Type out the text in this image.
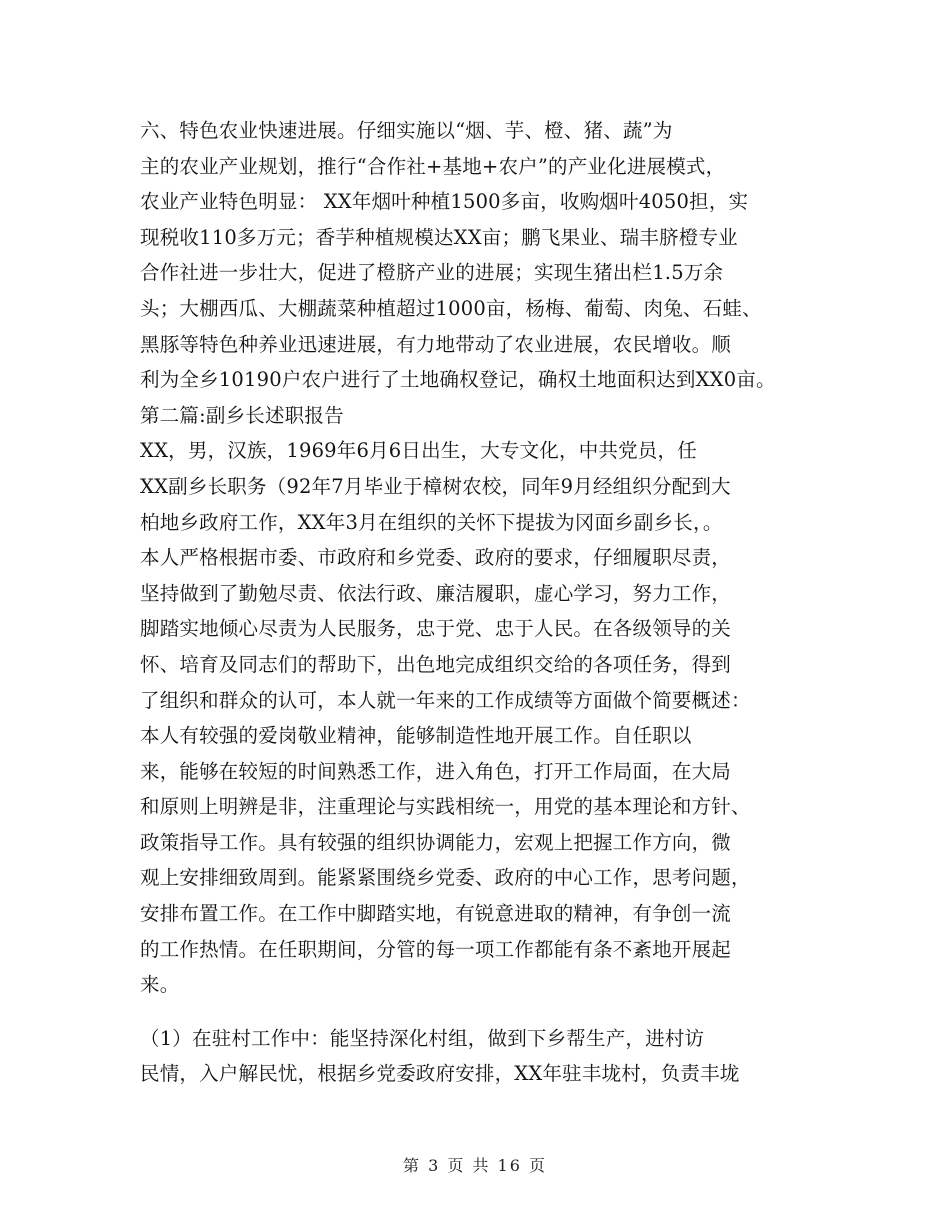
六、特色农业快速进展。仔细实施以“烟、芋、橙、猪、蔬”为
主的农业产业规划，推行“合作社+基地+农户”的产业化进展模式，
农业产业特色明显： XX年烟叶种植1500多亩，收购烟叶4050担，实
现税收110多万元；香芋种植规模达XX亩；鹏飞果业、瑞丰脐橙专业
合作社进一步壮大，促进了橙脐产业的进展；实现生猪出栏1.5万余
头；大棚西瓜、大棚蔬菜种植超过1000亩，杨梅、葡萄、肉兔、石蛙、
黑豚等特色种养业迅速进展，有力地带动了农业进展，农民增收。顺
利为全乡10190户农户进行了土地确权登记，确权土地面积达到XX0亩。
第二篇:副乡长述职报告
XX，男，汉族，1969年6月6日出生，大专文化，中共党员，任
XX副乡长职务（92年7月毕业于樟树农校，同年9月经组织分配到大
柏地乡政府工作，XX年3月在组织的关怀下提拔为冈面乡副乡长，。
本人严格根据市委、市政府和乡党委、政府的要求，仔细履职尽责，
坚持做到了勤勉尽责、依法行政、廉洁履职，虚心学习，努力工作，
脚踏实地倾心尽责为人民服务，忠于党、忠于人民。在各级领导的关
怀、培育及同志们的帮助下，出色地完成组织交给的各项任务，得到
了组织和群众的认可，本人就一年来的工作成绩等方面做个简要概述：
本人有较强的爱岗敬业精神，能够制造性地开展工作。自任职以
来，能够在较短的时间熟悉工作，进入角色，打开工作局面，在大局
和原则上明辨是非，注重理论与实践相统一，用党的基本理论和方针、
政策指导工作。具有较强的组织协调能力，宏观上把握工作方向，微
观上安排细致周到。能紧紧围绕乡党委、政府的中心工作，思考问题，
安排布置工作。在工作中脚踏实地，有锐意进取的精神，有争创一流
的工作热情。在任职期间，分管的每一项工作都能有条不紊地开展起
来。
（1）在驻村工作中：能坚持深化村组，做到下乡帮生产，进村访
民情，入户解民忧，根据乡党委政府安排，XX年驻丰垅村，负责丰垅
第 3 页 共 16 页
